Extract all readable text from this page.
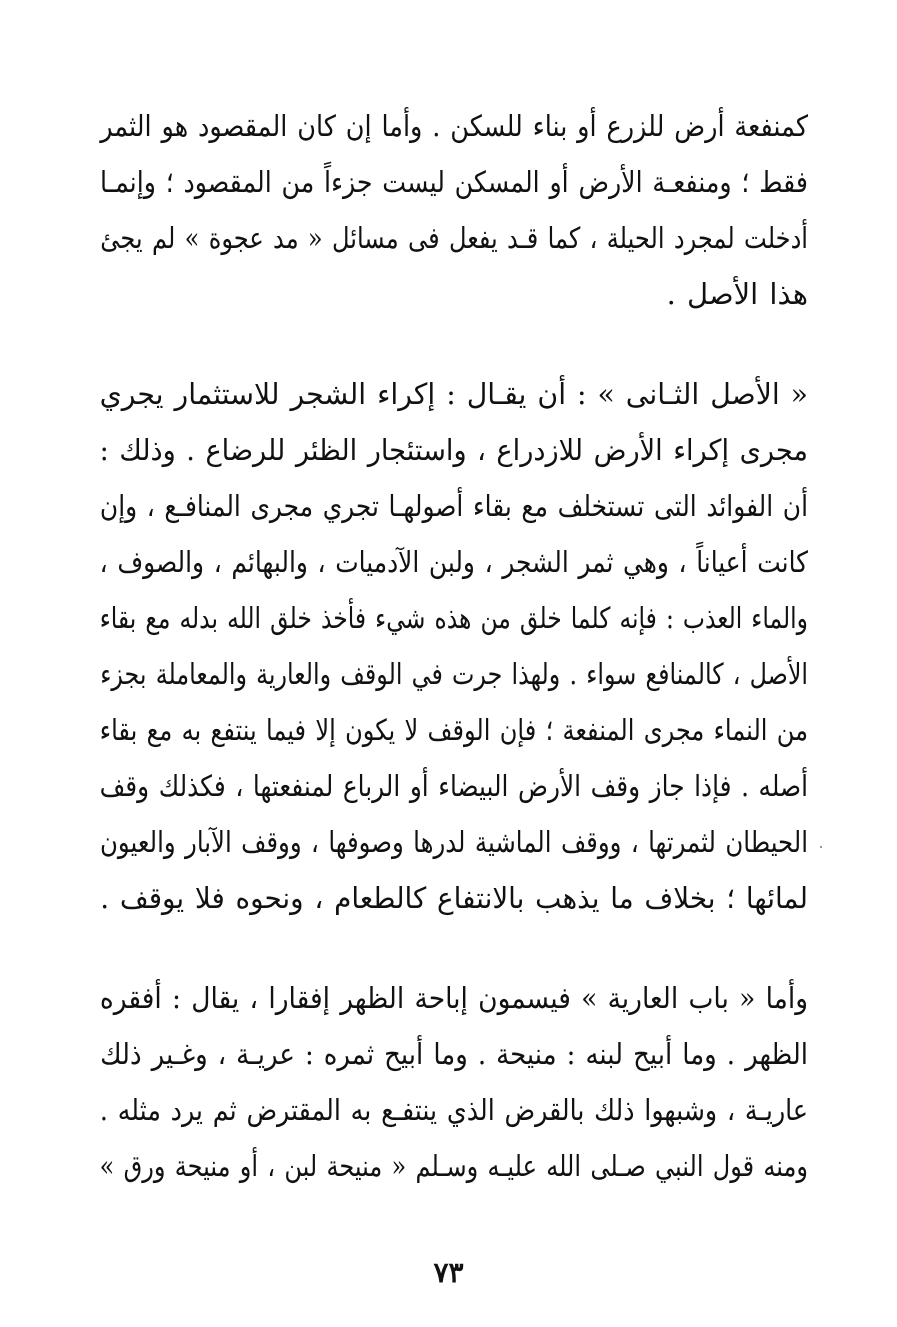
كمنفعة أرض للزرع أو بناء للسكن . وأما إن كان المقصود هو الثمر
فقط ؛ ومنفعـة الأرض أو المسكن ليست جزءاً من المقصود ؛ وإنمـا
أدخلت لمجرد الحيلة ، كما قـد يفعل فى مسائل « مد عجوة » لم يجئ
هذا الأصل .
« الأصل الثـانى » : أن يقـال : إكراء الشجر للاستثمار يجري
مجرى إكراء الأرض للازدراع ، واستئجار الظئر للرضاع . وذلك :
أن الفوائد التى تستخلف مع بقاء أصولهـا تجري مجرى المنافـع ، وإن
كانت أعياناً ، وهي ثمر الشجر ، ولبن الآدميات ، والبهائم ، والصوف ،
والماء العذب : فإنه كلما خلق من هذه شيء فأخذ خلق الله بدله مع بقاء
الأصل ، كالمنافع سواء . ولهذا جرت في الوقف والعارية والمعاملة بجزء
من النماء مجرى المنفعة ؛ فإن الوقف لا يكون إلا فيما ينتفع به مع بقاء
أصله . فإذا جاز وقف الأرض البيضاء أو الرباع لمنفعتها ، فكذلك وقف
الحيطان لثمرتها ، ووقف الماشية لدرها وصوفها ، ووقف الآبار والعيون
لمائها ؛ بخلاف ما يذهب بالانتفاع كالطعام ، ونحوه فلا يوقف .
وأما « باب العارية » فيسمون إباحة الظهر إفقارا ، يقال : أفقره
الظهر . وما أبيح لبنه : منيحة . وما أبيح ثمره : عريـة ، وغـير ذلك
عاريـة ، وشبهوا ذلك بالقرض الذي ينتفـع به المقترض ثم يرد مثله .
ومنه قول النبي صـلى الله عليـه وسـلم « منيحة لبن ، أو منيحة ورق »
٧٣
